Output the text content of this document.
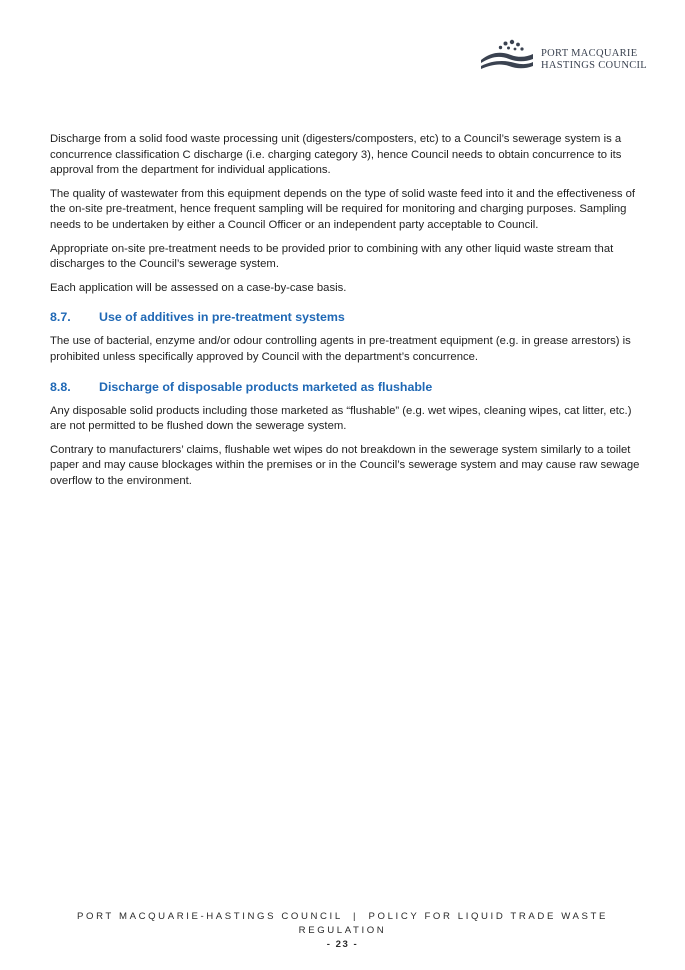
PORT MACQUARIE
HASTINGS COUNCIL

Discharge from a solid food waste processing unit (digesters/composters, etc) to a Council’s sewerage system is a concurrence classification C discharge (i.e. charging category 3), hence Council needs to obtain concurrence to its approval from the department for individual applications.

The quality of wastewater from this equipment depends on the type of solid waste feed into it and the effectiveness of the on-site pre-treatment, hence frequent sampling will be required for monitoring and charging purposes. Sampling needs to be undertaken by either a Council Officer or an independent party acceptable to Council.

Appropriate on-site pre-treatment needs to be provided prior to combining with any other liquid waste stream that discharges to the Council’s sewerage system.

Each application will be assessed on a case-by-case basis.

8.7.	Use of additives in pre-treatment systems

The use of bacterial, enzyme and/or odour controlling agents in pre-treatment equipment (e.g. in grease arrestors) is prohibited unless specifically approved by Council with the department’s concurrence.

8.8.	Discharge of disposable products marketed as flushable

Any disposable solid products including those marketed as “flushable” (e.g. wet wipes, cleaning wipes, cat litter, etc.) are not permitted to be flushed down the sewerage system.

Contrary to manufacturers’ claims, flushable wet wipes do not breakdown in the sewerage system similarly to a toilet paper and may cause blockages within the premises or in the Council’s sewerage system and may cause raw sewage overflow to the environment.

PORT MACQUARIE-HASTINGS COUNCIL  |  POLICY FOR LIQUID TRADE WASTE
REGULATION
- 23 -
